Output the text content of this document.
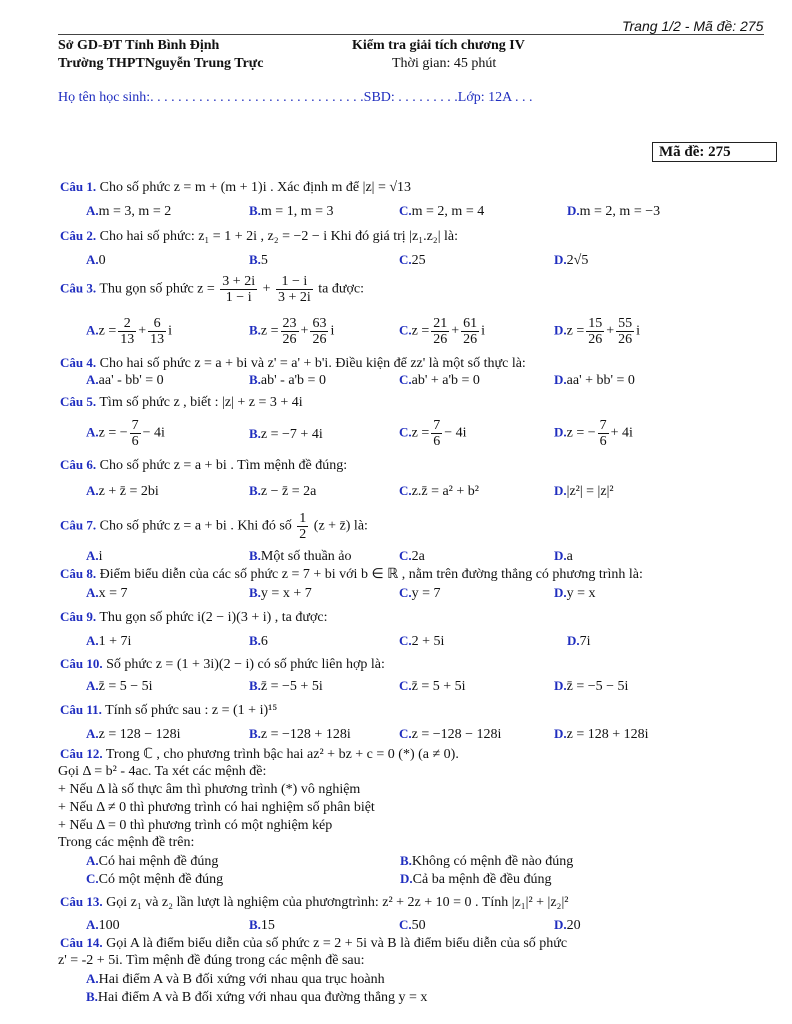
Trang 1/2 - Mã đề: 275
Sở GD-ĐT Tỉnh Bình Định
Trường THPTNguyễn Trung Trực
Kiểm tra giải tích chương IV
Thời gian: 45 phút
Họ tên học sinh:. . . . . . . . . . . . . . . . . . . . . . . . . . . . . . .SBD: . . . . . . . . .Lớp: 12A . . .
Mã đề: 275
Câu 1. Cho số phức z = m + (m + 1)i . Xác định m để |z| = √13
A.m = 3, m = 2	B.m = 1, m = 3	C.m = 2, m = 4	D.m = 2, m = −3
Câu 2. Cho hai số phức: z₁ = 1 + 2i , z₂ = −2 − i Khi đó giá trị |z₁.z₂| là:
A.0	B.5	C.25	D.2√5
Câu 3. Thu gọn số phức $z = \frac{3 + 2i}{1 - i} + \frac{1 - i}{3 + 2i}$ ta được:
$A.z = \frac{2}{13} + \frac{6}{13}$ i	$B.z = \frac{23}{26} + \frac{63}{26}$ i	$C.z = \frac{21}{26} + \frac{61}{26}$ i	$D.z = \frac{15}{26} + \frac{55}{26}$ i
Câu 4. Cho hai số phức z = a + bi và z' = a' + b'i. Điều kiện để zz' là một số thực là:
A.aa' - bb' = 0	B.ab' - a'b = 0	C.ab' + a'b = 0	D.aa' + bb' = 0
Câu 5. Tìm số phức z , biết : |z| + z = 3 + 4i
A.z = − $\frac{7}{6} - 4i$	B.z = −7 + 4i	$C.z = \frac{7}{6} - 4i$	D.z = − $\frac{7}{6} + 4i$
Câu 6. Cho số phức z = a + bi . Tìm mệnh đề đúng:
A.z + z̄ = 2bi	B.z − z̄ = 2a	C.z.z̄ = a² + b²	D.|z²| = |z|²
Câu 7. Cho số phức z = a + bi . Khi đó số $\frac{1}{2} (z$ + z̄) là:
A.i	B.Một số thuần ảo	C.2a	D.a
Câu 8. Điểm biểu diễn của các số phức z = 7 + bi với b ∈ ℝ , nằm trên đường thẳng có phương trình là:
A.x = 7	B.y = x + 7	C.y = 7	D.y = x
Câu 9. Thu gọn số phức i(2 − i)(3 + i) , ta được:
A.1 + 7i	B.6	C.2 + 5i	D.7i
Câu 10. Số phức z = (1 + 3i)(2 − i) có số phức liên hợp là:
A.z̄ = 5 − 5i	B.z̄ = −5 + 5i	C.z̄ = 5 + 5i	D.z̄ = −5 − 5i
Câu 11. Tính số phức sau : z = (1 + i)¹⁵
A.z = 128 − 128i	B.z = −128 + 128i	C.z = −128 − 128i	D.z = 128 + 128i
Câu 12. Trong ℂ , cho phương trình bậc hai az² + bz + c = 0 (*) (a ≠ 0).
Gọi Δ = b² - 4ac. Ta xét các mệnh đề:
+ Nếu Δ là số thực âm thì phương trình (*) vô nghiệm
+ Nếu Δ ≠ 0 thì phương trình có hai nghiệm số phân biệt
+ Nếu Δ = 0 thì phương trình có một nghiệm kép
Trong các mệnh đề trên:
A.Có hai mệnh đề đúng	B.Không có mệnh đề nào đúng
C.Có một mệnh đề đúng	D.Cả ba mệnh đề đều đúng
Câu 13. Gọi z₁ và z₂ lần lượt là nghiệm của phươngtrình: z² + 2z + 10 = 0 . Tính |z₁|² + |z₂|²
A.100	B.15	C.50	D.20
Câu 14. Gọi A là điểm biểu diễn của số phức z = 2 + 5i và B là điểm biểu diễn của số phức
z' = -2 + 5i. Tìm mệnh đề đúng trong các mệnh đề sau:
A.Hai điểm A và B đối xứng với nhau qua trục hoành
B.Hai điểm A và B đối xứng với nhau qua đường thẳng y = x
